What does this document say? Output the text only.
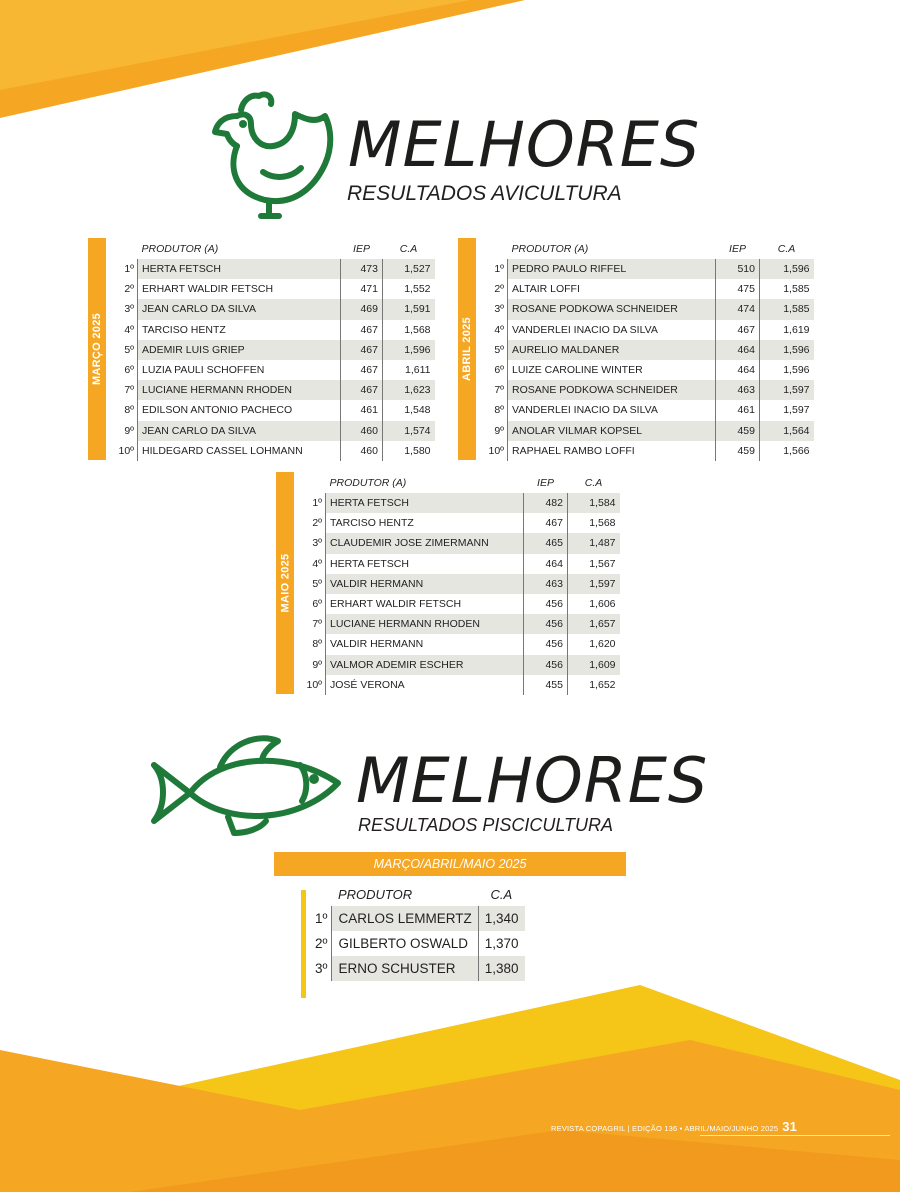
MELHORES
RESULTADOS AVICULTURA
MARÇO 2025
	PRODUTOR (A)	IEP	C.A
1º	HERTA FETSCH	473	1,527
2º	ERHART WALDIR FETSCH	471	1,552
3º	JEAN CARLO DA SILVA	469	1,591
4º	TARCISO HENTZ	467	1,568
5º	ADEMIR LUIS GRIEP	467	1,596
6º	LUZIA PAULI SCHOFFEN	467	1,611
7º	LUCIANE HERMANN RHODEN	467	1,623
8º	EDILSON ANTONIO PACHECO	461	1,548
9º	JEAN CARLO DA SILVA	460	1,574
10º	HILDEGARD CASSEL LOHMANN	460	1,580
ABRIL 2025
	PRODUTOR (A)	IEP	C.A
1º	PEDRO PAULO RIFFEL	510	1,596
2º	ALTAIR LOFFI	475	1,585
3º	ROSANE PODKOWA SCHNEIDER	474	1,585
4º	VANDERLEI INACIO DA SILVA	467	1,619
5º	AURELIO MALDANER	464	1,596
6º	LUIZE CAROLINE WINTER	464	1,596
7º	ROSANE PODKOWA SCHNEIDER	463	1,597
8º	VANDERLEI INACIO DA SILVA	461	1,597
9º	ANOLAR VILMAR KOPSEL	459	1,564
10º	RAPHAEL RAMBO LOFFI	459	1,566
MAIO 2025
	PRODUTOR (A)	IEP	C.A
1º	HERTA FETSCH	482	1,584
2º	TARCISO HENTZ	467	1,568
3º	CLAUDEMIR JOSE ZIMERMANN	465	1,487
4º	HERTA FETSCH	464	1,567
5º	VALDIR HERMANN	463	1,597
6º	ERHART WALDIR FETSCH	456	1,606
7º	LUCIANE HERMANN RHODEN	456	1,657
8º	VALDIR HERMANN	456	1,620
9º	VALMOR ADEMIR ESCHER	456	1,609
10º	JOSÉ VERONA	455	1,652
MELHORES
RESULTADOS PISCICULTURA
MARÇO/ABRIL/MAIO 2025
	PRODUTOR	C.A
1º	CARLOS LEMMERTZ	1,340
2º	GILBERTO OSWALD	1,370
3º	ERNO SCHUSTER	1,380
REVISTA COPAGRIL | EDIÇÃO 136 • ABRIL/MAIO/JUNHO 2025 31
